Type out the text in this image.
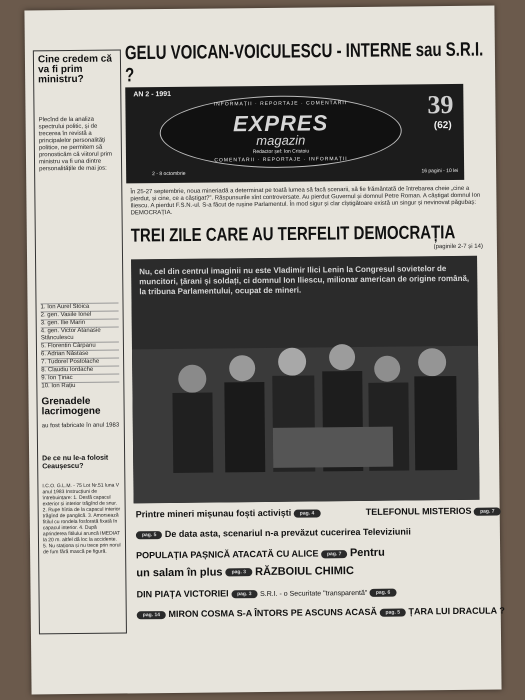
Cine credem că va fi prim ministru?
Plecînd de la analiza spectrului politic, și de trecerea în revistă a principalelor personalități politice, ne permitem să pronosticăm că viitorul prim ministru va fi una dintre personalitățile de mai jos:
1. Ion Aurel Stoica
2. gen. Vasile Ionel
3. gen. Ilie Marin
4. gen. Victor Atanasie Stănculescu
5. Florentin Cârpanu
6. Adrian Năstase
7. Tudorel Postolache
8. Claudiu Iordache
9. Ion Țiriac
10. Ion Rațiu
Grenadele lacrimogene
au fost fabricate în anul 1983
De ce nu le-a folosit Ceaușescu?
I.C.O. G.L.M. - 75 Lot Nr.51 luna V anul 1983 Instrucțiuni de întrebuințare: 1. Desfă capacul exterior și interior trăgînd de snur. 2. Rupe hîrtia de la capacul interior trăgînd de panglică. 3. Amorsează fitilul cu rondela fosforată fixată în capacul interior. 4. După aprinderea fitilului aruncă IMEDIAT la 20 m. altfel dă loc la accidente. 5. Nu staționa și nu trece prin norul de fum fără mască pe figură.
GELU VOICAN-VOICULESCU - INTERNE sau S.R.I. ?
AN 2 - 1991
INFORMAȚII · REPORTAJE · COMENTARII
EXPRES
magazin
Redactor șef: Ion Cristoiu
COMENTARII · REPORTAJE · INFORMAȚII
39
(62)
2 - 8 octombrie	16 pagini - 10 lei
În 25-27 septembrie, noua mineriadă a determinat pe toată lumea să facă scenarii, să fie frământată de întrebarea cheie „cine a pierdut, și cine, ce a câștigat?”. Răspunsurile sînt controversate. Au pierdut Guvernul și domnul Petre Roman. A câștigat domnul Ion Iliescu. A pierdut F.S.N.-ul. S-a făcut de rușine Parlamentul. În mod sigur și clar cîștigătoare există un singur și nevinovat păgubaș: DEMOCRAȚIA.
TREI ZILE CARE AU TERFELIT DEMOCRAȚIA
(paginile 2-7 și 14)
Nu, cel din centrul imaginii nu este Vladimir Ilici Lenin la Congresul sovietelor de muncitori, țărani și soldați, ci domnul Ion Iliescu, milionar american de origine română, la tribuna Parlamentului, ocupat de mineri.
Printre mineri mișunau foști activiști pag. 4	TELEFONUL MISTERIOS pag. 7
pag. 5 De data asta, scenariul n-a prevăzut cucerirea Televiziunii
POPULAȚIA PAȘNICĂ ATACATĂ CU ALICE pag. 7 Pentru
un salam în plus pag. 3 RĂZBOIUL CHIMIC
DIN PIAȚA VICTORIEI pag. 3 S.R.I. - o Securitate "transparentă" pag. 6
pag. 14 MIRON COSMA S-A ÎNTORS PE ASCUNS ACASĂ pag. 5 ȚARA LUI DRACULA ?
